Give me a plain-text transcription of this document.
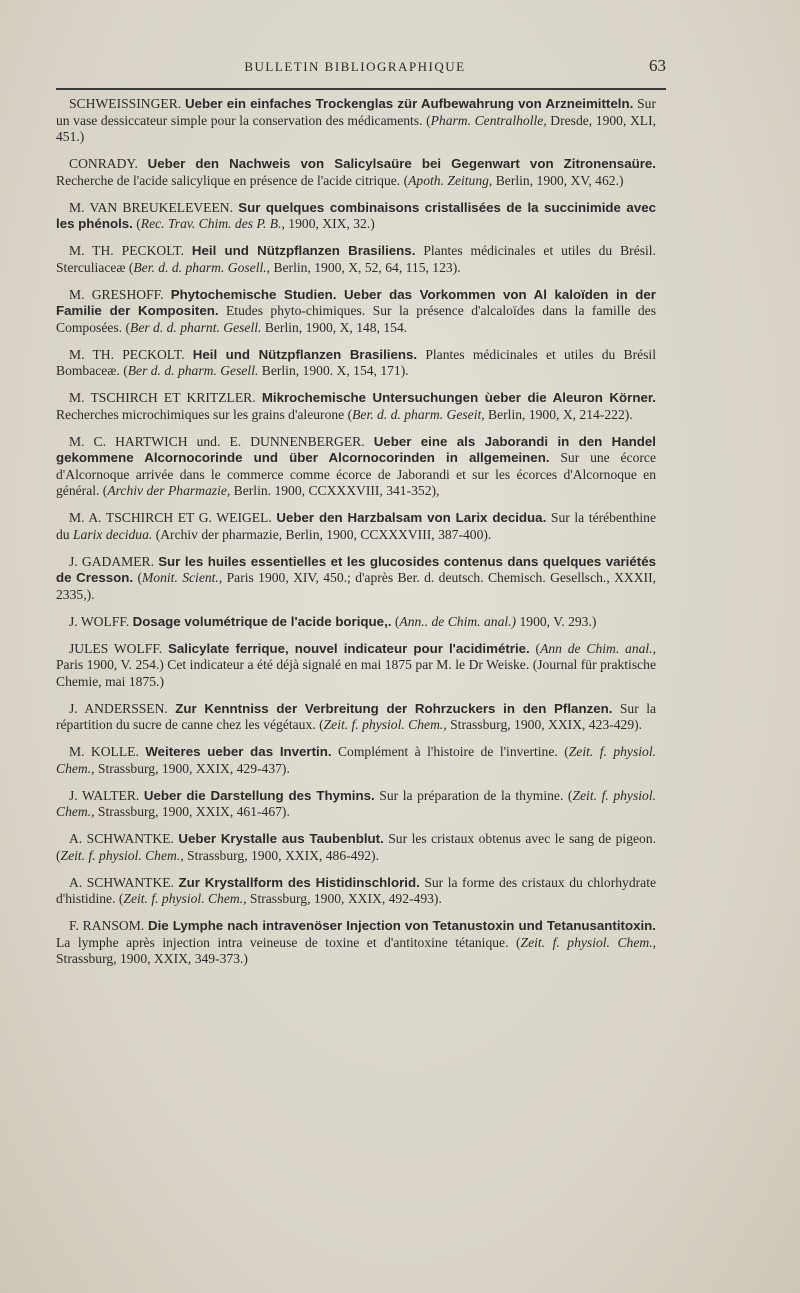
BULLETIN BIBLIOGRAPHIQUE	63

SCHWEISSINGER. Ueber ein einfaches Trockenglas zür Aufbewahrung von Arzneimitteln. Sur un vase dessiccateur simple pour la conservation des médicaments. (Pharm. Centralholle, Dresde, 1900, XLI, 451.)

CONRADY. Ueber den Nachweis von Salicylsaüre bei Gegenwart von Zitronensaüre. Recherche de l'acide salicylique en présence de l'acide citrique. (Apoth. Zeitung, Berlin, 1900, XV, 462.)

M. VAN BREUKELEVEEN. Sur quelques combinaisons cristallisées de la succinimide avec les phénols. (Rec. Trav. Chim. des P. B., 1900, XIX, 32.)

M. TH. PECKOLT. Heil und Nützpflanzen Brasiliens. Plantes médicinales et utiles du Brésil. Sterculiaceæ (Ber. d. d. pharm. Gosell., Berlin, 1900, X, 52, 64, 115, 123).

M. GRESHOFF. Phytochemische Studien. Ueber das Vorkommen von Al kaloïden in der Familie der Kompositen. Etudes phyto-chimiques. Sur la présence d'alcaloïdes dans la famille des Composées. (Ber d. d. pharnt. Gesell. Berlin, 1900, X, 148, 154.

M. TH. PECKOLT. Heil und Nützpflanzen Brasiliens. Plantes médicinales et utiles du Brésil Bombaceæ. (Ber d. d. pharm. Gesell. Berlin, 1900. X, 154, 171).

M. TSCHIRCH ET KRITZLER. Mikrochemische Untersuchungen ùeber die Aleuron Körner. Recherches microchimiques sur les grains d'aleurone (Ber. d. d. pharm. Geseit, Berlin, 1900, X, 214-222).

M. C. HARTWICH und. E. DUNNENBERGER. Ueber eine als Jaborandi in den Handel gekommene Alcornocorinde und über Alcornocorinden in allgemeinen. Sur une écorce d'Alcornoque arrivée dans le commerce comme écorce de Jaborandi et sur les écorces d'Alcornoque en général. (Archiv der Pharmazie, Berlin. 1900, CCXXXVIII, 341-352),

M. A. TSCHIRCH ET G. WEIGEL. Ueber den Harzbalsam von Larix decidua. Sur la térébenthine du Larix decidua. (Archiv der pharmazie, Berlin, 1900, CCXXXVIII, 387-400).

J. GADAMER. Sur les huiles essentielles et les glucosides contenus dans quelques variétés de Cresson. (Monit. Scient., Paris 1900, XIV, 450.; d'après Ber. d. deutsch. Chemisch. Gesellsch., XXXII, 2335,).

J. WOLFF. Dosage volumétrique de l'acide borique,. (Ann.. de Chim. anal.) 1900, V. 293.)

JULES WOLFF. Salicylate ferrique, nouvel indicateur pour l'acidimétrie. (Ann de Chim. anal., Paris 1900, V. 254.) Cet indicateur a été déjà signalé en mai 1875 par M. le Dr Weiske. (Journal für praktische Chemie, mai 1875.)

J. ANDERSSEN. Zur Kenntniss der Verbreitung der Rohrzuckers in den Pflanzen. Sur la répartition du sucre de canne chez les végétaux. (Zeit. f. physiol. Chem., Strassburg, 1900, XXIX, 423-429).

M. KOLLE. Weiteres ueber das Invertin. Complément à l'histoire de l'invertine. (Zeit. f. physiol. Chem., Strassburg, 1900, XXIX, 429-437).

J. WALTER. Ueber die Darstellung des Thymins. Sur la préparation de la thymine. (Zeit. f. physiol. Chem., Strassburg, 1900, XXIX, 461-467).

A. SCHWANTKE. Ueber Krystalle aus Taubenblut. Sur les cristaux obtenus avec le sang de pigeon. (Zeit. f. physiol. Chem., Strassburg, 1900, XXIX, 486-492).

A. SCHWANTKE. Zur Krystallform des Histidinschlorid. Sur la forme des cristaux du chlorhydrate d'histidine. (Zeit. f. physiol. Chem., Strassburg, 1900, XXIX, 492-493).

F. RANSOM. Die Lymphe nach intravenöser Injection von Tetanustoxin und Tetanusantitoxin. La lymphe après injection intra veineuse de toxine et d'antitoxine tétanique. (Zeit. f. physiol. Chem., Strassburg, 1900, XXIX, 349-373.)
